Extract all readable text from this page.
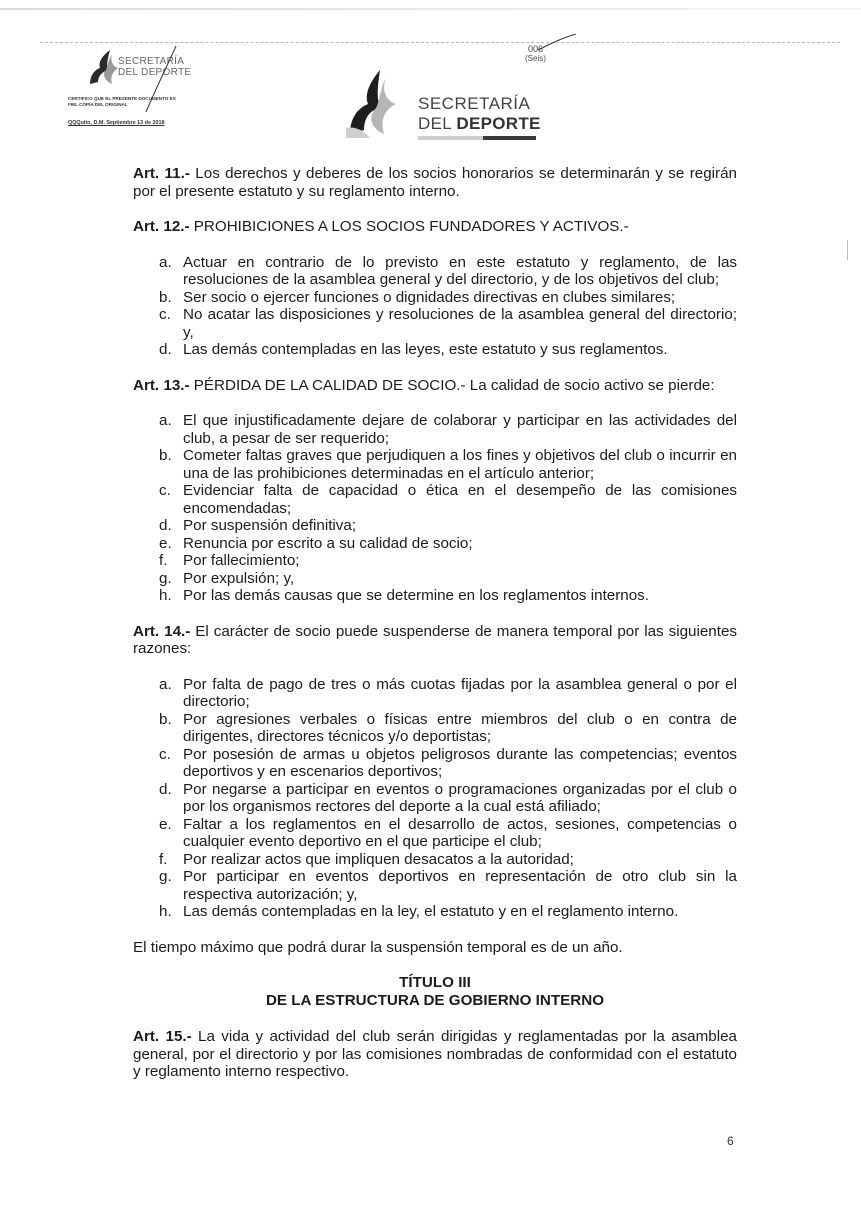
SECRETARÍA DEL DEPORTE
CERTIFICO QUE EL PRESENTE DOCUMENTO ES FIEL COPIA DEL ORIGINAL
QQQuito, D.M. Septiembre 13 de 2018
SECRETARÍA
DEL DEPORTE
006
(Seis)

Art. 11.- Los derechos y deberes de los socios honorarios se determinarán y se regirán por el presente estatuto y su reglamento interno.

Art. 12.- PROHIBICIONES A LOS SOCIOS FUNDADORES Y ACTIVOS.-

a. Actuar en contrario de lo previsto en este estatuto y reglamento, de las resoluciones de la asamblea general y del directorio, y de los objetivos del club;
b. Ser socio o ejercer funciones o dignidades directivas en clubes similares;
c. No acatar las disposiciones y resoluciones de la asamblea general del directorio; y,
d. Las demás contempladas en las leyes, este estatuto y sus reglamentos.

Art. 13.- PÉRDIDA DE LA CALIDAD DE SOCIO.- La calidad de socio activo se pierde:

a. El que injustificadamente dejare de colaborar y participar en las actividades del club, a pesar de ser requerido;
b. Cometer faltas graves que perjudiquen a los fines y objetivos del club o incurrir en una de las prohibiciones determinadas en el artículo anterior;
c. Evidenciar falta de capacidad o ética en el desempeño de las comisiones encomendadas;
d. Por suspensión definitiva;
e. Renuncia por escrito a su calidad de socio;
f. Por fallecimiento;
g. Por expulsión; y,
h. Por las demás causas que se determine en los reglamentos internos.

Art. 14.- El carácter de socio puede suspenderse de manera temporal por las siguientes razones:

a. Por falta de pago de tres o más cuotas fijadas por la asamblea general o por el directorio;
b. Por agresiones verbales o físicas entre miembros del club o en contra de dirigentes, directores técnicos y/o deportistas;
c. Por posesión de armas u objetos peligrosos durante las competencias; eventos deportivos y en escenarios deportivos;
d. Por negarse a participar en eventos o programaciones organizadas por el club o por los organismos rectores del deporte a la cual está afiliado;
e. Faltar a los reglamentos en el desarrollo de actos, sesiones, competencias o cualquier evento deportivo en el que participe el club;
f. Por realizar actos que impliquen desacatos a la autoridad;
g. Por participar en eventos deportivos en representación de otro club sin la respectiva autorización; y,
h. Las demás contempladas en la ley, el estatuto y en el reglamento interno.

El tiempo máximo que podrá durar la suspensión temporal es de un año.

TÍTULO III
DE LA ESTRUCTURA DE GOBIERNO INTERNO

Art. 15.- La vida y actividad del club serán dirigidas y reglamentadas por la asamblea general, por el directorio y por las comisiones nombradas de conformidad con el estatuto y reglamento interno respectivo.

6
